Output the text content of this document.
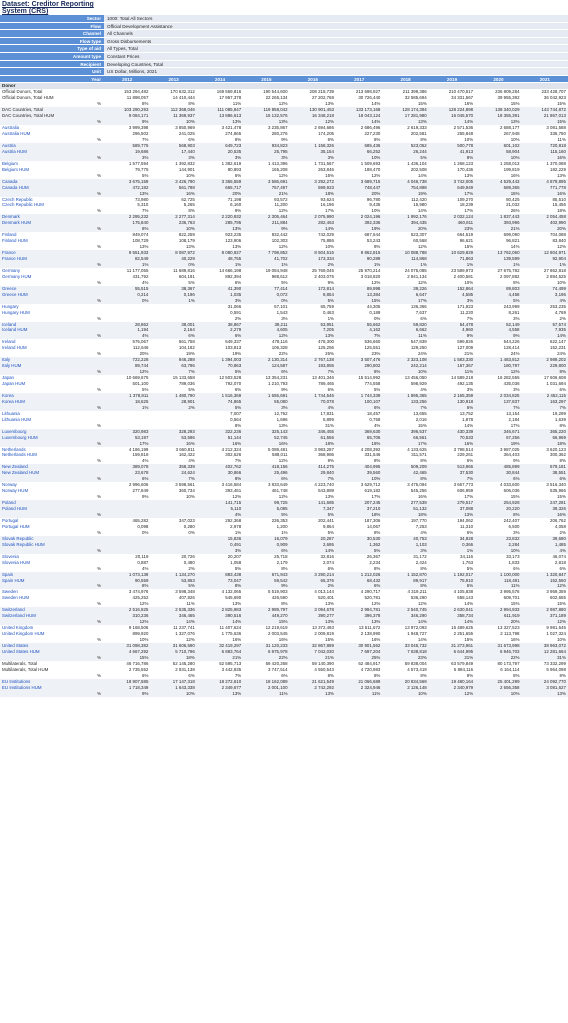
Dataset: Creditor Reporting
System (CRS)
Sector	1000: Total All Sectors
Flow	Official Development Assistance
Channel	All Channels
Flow type	Gross Disbursements
Type of aid	All Types, Total
Amount type	Constant Prices
Recipient	Developing Countries, Total
Unit	US Dollar, Millions, 2021
Year	2012	2013	2014	2015	2016	2017	2018	2019	2020	2021
Donor
Official Donors, Total	153 294,482	170 632,312	169 569,816	190 544,600	208 218,739	213 698,927	211 399,386	210 470,517	236 809,284	233 428,707	
Official Donors, Total HUM	11 898,057	14 410,444	17 957,378	22 265,134	27 202,768	30 726,440	32 585,694	34 331,567	39 955,392	36 042,923	
%	8%	8%	11%	12%	13%	14%	15%	16%	15%	15%	
DAC Countries, Total	103 290,293	112 368,046	111 085,847	119 858,042	130 901,453	133 173,168	128 174,394	128 224,898	138 340,029	143 744,872	
DAC Countries, Total HUM	9 084,171	11 369,937	13 886,613	15 132,576	16 348,218	18 043,124	17 281,980	16 045,570	18 355,391	21 867,013	
%	9%	10%	13%	13%	12%	14%	13%	14%	13%	15%	
Australia	3 999,398	3 850,969	3 421,478	3 235,867	2 694,686	2 686,496	2 619,333	2 571,536	2 688,177	3 081,588	
Australia HUM	296,502	241,025	274,865	280,276	174,205	227,230	202,581	255,848	267,948	336,750	
%	7%	6%	8%	9%	6%	8%	8%	10%	10%	11%	
Austria	589,775	568,903	649,723	934,823	1 158,326	685,436	523,052	500,778	601,102	720,818	
Austria HUM	19,686	17,440	20,535	25,795	35,154	66,252	26,244	41,913	58,904	115,160	
%	3%	3%	3%	3%	3%	10%	5%	8%	10%	16%	
Belgium	1 577,594	1 392,832	1 382,619	1 413,396	1 731,567	1 509,693	1 436,104	1 268,123	1 258,013	1 370,088	
Belgium HUM	79,775	144,901	80,893	165,208	263,846	188,470	202,508	170,436	199,819	182,229	
%	5%	10%	6%	12%	15%	12%	14%	13%	16%	13%	
Canada	3 675,159	3 426,790	3 365,559	3 586,691	3 292,272	3 689,715	4 046,738	3 742,005	4 529,443	4 879,895	
Canada HUM	472,182	561,788	665,717	757,497	599,923	748,447	754,898	649,949	689,365	771,778	
%	13%	16%	20%	21%	18%	20%	19%	17%	15%	16%	
Czech Republic	73,980	62,725	71,198	93,572	93,624	96,780	112,420	109,270	80,425	85,510	
Czech Republic HUM	5,310	5,265	6,160	11,200	16,196	9,435	15,980	18,239	21,032	15,456	
%	7%	8%	9%	12%	17%	10%	14%	17%	26%	18%	
Denmark	2 295,232	2 277,314	2 220,932	2 305,464	2 075,990	2 024,196	1 992,176	2 032,124	1 837,443	2 054,458	
Denmark HUM	175,840	236,763	285,795	211,884	282,463	392,336	394,435	460,811	393,996	402,990	
%	8%	10%	13%	9%	14%	19%	20%	23%	21%	20%	
Finland	849,074	822,259	923,235	832,442	742,029	687,644	523,307	664,519	699,090	704,088	
Finland HUM	108,729	108,179	123,906	102,303	75,886	53,243	60,568	96,621	96,821	83,840	
%	13%	13%	13%	12%	10%	8%	12%	15%	14%	12%	
France	9 551,933	8 087,972	8 080,927	7 798,852	8 504,516	9 862,815	10 088,788	10 629,829	13 762,060	12 804,971	
France HUM	82,549	40,229	48,755	41,702	173,334	90,289	114,868	71,863	139,599	92,904	
%	1%	0%	1%	1%	2%	1%	1%	1%	1%	1%	
Germany	11 177,055	11 689,816	14 666,198	19 084,948	25 769,045	25 970,214	24 075,085	23 589,973	27 675,782	27 862,818	
Germany HUM	431,792	604,191	892,394	988,612	2 403,075	3 018,820	2 841,134	2 400,581	2 097,882	2 884,525	
%	4%	5%	6%	5%	9%	12%	12%	10%	8%	10%	
Greece	55,515	38,367	41,390	77,414	172,814	89,998	39,226	152,864	89,803	74,499	
Greece HUM	0,214	0,196	1,035	0,072	8,854	13,384	6,647	4,585	4,458	3,196	
%	0%	1%	3%	0%	5%	15%	17%	3%	5%	4%	
Hungary			31,066	57,101	65,759	44,305	136,366	171,923	243,999	253,235	
Hungary HUM			0,591	1,543	0,463	0,189	7,637	11,220	8,261	4,769	
%			2%	3%	1%	0%	6%	7%	3%	2%	
Iceland	28,862	38,001	38,867	39,211	53,951	55,662	59,820	54,478	52,149	57,574	
Iceland HUM	1,194	2,164	2,279	4,605	7,205	4,162	6,662	4,960	4,558	7,935	
%	4%	6%	6%	12%	13%	7%	11%	9%	9%	14%	
Ireland	575,067	561,758	549,337	478,116	478,300	536,660	547,839	599,826	544,226	622,147	
Ireland HUM	112,646	104,182	103,813	106,328	125,256	125,551	129,250	127,009	128,414	152,231	
%	20%	19%	19%	22%	26%	23%	24%	21%	24%	24%	
Italy	722,228	946,288	1 394,003	2 130,314	2 767,138	3 507,476	2 323,108	1 583,330	1 483,812	2 989,202	
Italy HUM	89,744	63,796	70,863	124,587	193,855	290,802	242,214	167,367	180,797	229,800	
%	12%	7%	5%	6%	7%	8%	10%	11%	12%	8%	
Japan	10 669,675	15 133,658	12 503,528	13 354,231	13 401,346	15 514,992	13 456,050	14 589,218	16 282,555	17 606,608	
Japan HUM	501,100	789,036	792,070	1 210,793	789,465	774,558	598,929	492,135	435,036	1 031,694	
%	5%	5%	6%	9%	6%	5%	4%	3%	3%	6%	
Korea	1 378,811	1 480,790	1 516,369	1 655,691	1 744,546	1 744,339	1 895,365	2 165,359	2 034,825	2 452,115	
Korea HUM	18,625	28,901	74,865	55,080	70,078	100,107	133,256	130,918	137,837	163,297	
%	1%	2%	5%	3%	4%	6%	7%	6%	7%	7%	
Lithuania			7,007	12,762	17,831	18,457	13,655	13,752	13,154	19,299	
Lithuania HUM			0,564	1,696	5,899	0,758	2,016	1,878	2,184	1,639	
%			8%	13%	31%	4%	15%	14%	17%	8%	
Luxembourg	320,983	328,293	322,236	325,143	346,455	369,630	396,537	430,339	346,671	365,220	
Luxembourg HUM	53,197	53,596	51,144	52,745	61,556	65,706	66,561	70,533	67,256	66,969	
%	17%	16%	16%	16%	18%	18%	17%	16%	19%	18%	
Netherlands	4 186,199	3 660,811	4 212,324	5 089,481	3 983,287	4 208,392	4 133,625	3 798,514	3 987,025	3 620,123	
Netherlands HUM	159,818	162,422	302,626	588,011	368,986	331,546	311,571	229,261	364,403	300,362	
%	4%	4%	7%	12%	9%	8%	8%	6%	9%	8%	
New Zealand	389,078	358,339	402,762	418,156	414,275	404,995	509,209	513,966	485,899	679,181	
New Zealand HUM	23,678	24,624	30,866	25,496	29,840	39,560	42,465	37,530	30,844	38,551	
%	6%	7%	8%	6%	7%	10%	8%	7%	6%	6%	
Norway	2 996,606	3 598,561	3 416,584	3 833,649	4 223,740	3 629,712	3 475,094	3 667,773	4 033,600	3 516,340	
Norway HUM	277,849	360,734	393,461	461,748	543,889	619,182	545,256	606,959	606,036	535,966	
%	9%	10%	12%	12%	13%	17%	16%	17%	15%	15%	
Poland			141,715	99,725	141,685	207,245	277,539	279,517	254,928	247,281	
Poland HUM			5,110	5,085	7,347	37,210	51,132	37,088	20,220	39,326	
%			4%	5%	5%	18%	18%	13%	8%	16%	
Portugal	465,282	347,023	292,368	236,353	202,441	187,306	197,770	194,062	242,407	206,762	
Portugal HUM	0,098	0,280	2,978	1,200	9,864	14,067	7,253	11,310	6,500	4,058	
%	0%	0%	1%	1%	5%	8%	4%	6%	3%	2%	
Slovak Republic			15,836	16,079	20,287	30,530	40,753	34,828	23,832	39,680	
Slovak Republic HUM			0,491	0,909	2,695	1,362	1,103	0,366	2,284	1,485	
%			3%	6%	14%	5%	3%	1%	10%	4%	
Slovenia	20,119	20,726	20,207	25,718	32,816	26,367	31,172	34,116	33,173	46,074	
Slovenia HUM	0,887	0,480	1,058	2,179	2,074	2,234	2,424	1,763	1,833	2,818	
%	4%	2%	5%	8%	6%	8%	8%	5%	6%	6%	
Spain	1 073,139	1 134,270	883,438	671,943	3 290,214	1 212,026	1 152,870	1 192,017	1 100,000	1 320,847	
Spain HUM	90,559	53,863	73,047	59,542	65,376	68,432	89,917	75,910	118,491	152,560	
%	8%	5%	8%	9%	2%	6%	8%	6%	11%	12%	
Sweden	3 474,976	3 598,348	4 132,065	5 519,903	4 013,144	4 290,717	4 319,211	4 105,838	3 995,576	3 959,359	
Sweden HUM	425,252	407,826	545,690	426,590	520,401	520,781	536,290	558,143	609,701	602,655	
%	12%	11%	13%	8%	13%	12%	12%	14%	15%	15%	
Switzerland	2 516,925	2 535,336	2 825,983	2 989,797	3 094,678	2 994,781	2 540,745	2 630,041	2 994,933	2 987,880	
Switzerland HUM	310,236	346,465	390,516	449,270	390,277	396,378	346,290	358,734	611,919	371,189	
%	12%	14%	14%	15%	13%	13%	14%	14%	20%	12%	
United Kingdom	9 168,506	11 237,741	11 407,624	12 219,619	13 372,493	13 511,672	13 972,093	15 489,625	13 327,523	9 981,545	
United Kingdom HUM	899,920	1 327,076	1 775,636	2 003,545	2 009,819	2 138,990	1 948,727	2 251,655	2 113,798	1 027,324	
%	10%	12%	16%	16%	15%	16%	14%	15%	16%	10%	
United States	31 098,382	31 606,590	32 419,297	31 120,233	32 867,889	30 901,562	33 045,732	31 273,961	31 673,998	38 963,072	
United States HUM	4 667,292	5 710,796	6 883,764	6 975,978	7 042,030	7 697,204	7 638,818	6 644,995	6 946,703	12 281,664	
%	15%	18%	21%	22%	21%	25%	23%	21%	22%	31%	
Multilaterals, Total	46 716,786	52 145,280	52 595,713	59 420,268	59 140,390	62 484,917	59 838,004	63 579,849	80 173,797	73 332,299	
Multilaterals, Total HUM	2 735,552	2 931,138	3 442,835	3 747,514	4 550,543	4 720,983	4 573,419	5 884,116	6 164,114	5 964,098	
%	6%	6%	7%	6%	8%	8%	8%	9%	8%	8%	
EU Institutions	18 907,585	17 147,318	18 272,610	18 162,089	21 621,549	21 066,689	20 834,569	19 480,164	25 401,299	24 092,770	
EU Institutions HUM	1 718,349	1 643,338	2 349,677	2 001,100	2 742,292	2 324,946	2 126,148	2 340,979	2 656,358	3 081,627	
%	9%	10%	13%	11%	13%	11%	10%	12%	10%	13%	
